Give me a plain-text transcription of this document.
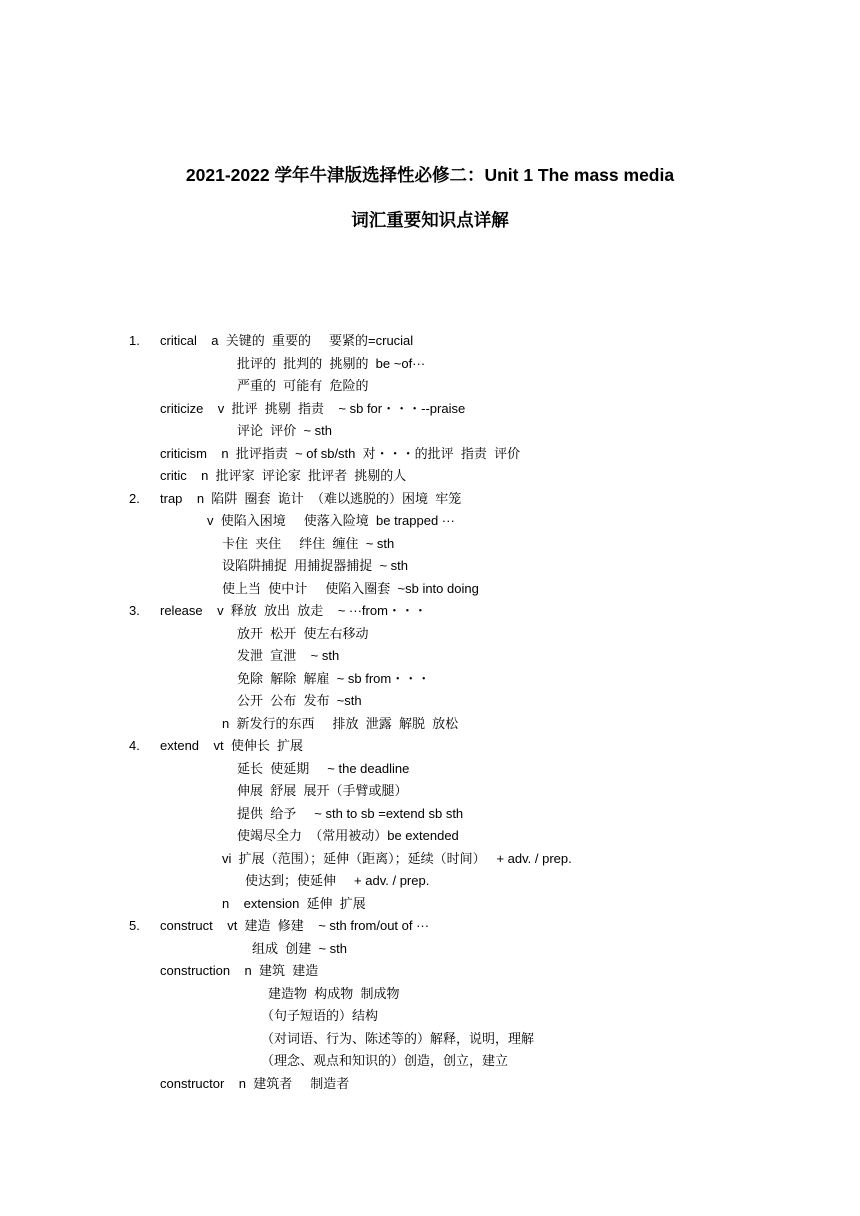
2021-2022 学年牛津版选择性必修二：Unit 1 The mass media
词汇重要知识点详解
1. critical    a  关键的  重要的     要紧的=crucial
批评的  批判的  挑剔的  be ~of···
严重的  可能有  危险的
criticize    v  批评  挑剔  指责    ~ sb for・・・--praise
评论  评价  ~ sth
criticism    n  批评指责  ~ of sb/sth  对・・・的批评  指责  评价
critic    n  批评家  评论家  批评者  挑剔的人
2. trap    n  陷阱  圈套  诡计  （难以逃脱的）困境  牢笼
v  使陷入困境     使落入险境  be trapped ···
卡住  夹住     绊住  缠住  ~ sth
设陷阱捕捉  用捕捉器捕捉  ~ sth
使上当  使中计     使陷入圈套  ~sb into doing
3. release    v  释放  放出  放走    ~ ···from・・・
放开  松开  使左右移动
发泄  宣泄    ~ sth
免除  解除  解雇  ~ sb from・・・
公开  公布  发布  ~sth
n  新发行的东西     排放  泄露  解脱  放松
4. extend    vt  使伸长  扩展
延长  使延期     ~ the deadline
伸展  舒展  展开（手臂或腿）
提供  给予     ~ sth to sb =extend sb sth
使竭尽全力  （常用被动）be extended
vi  扩展（范围）；延伸（距离）；延续（时间）   + adv. / prep.
使达到；使延伸     + adv. / prep.
n    extension  延伸  扩展
5. construct    vt  建造  修建    ~ sth from/out of ···
组成  创建  ~ sth
construction    n  建筑  建造
建造物  构成物  制成物
（句子短语的）结构
（对词语、行为、陈述等的）解释，说明，理解
（理念、观点和知识的）创造，创立，建立
constructor    n  建筑者     制造者
